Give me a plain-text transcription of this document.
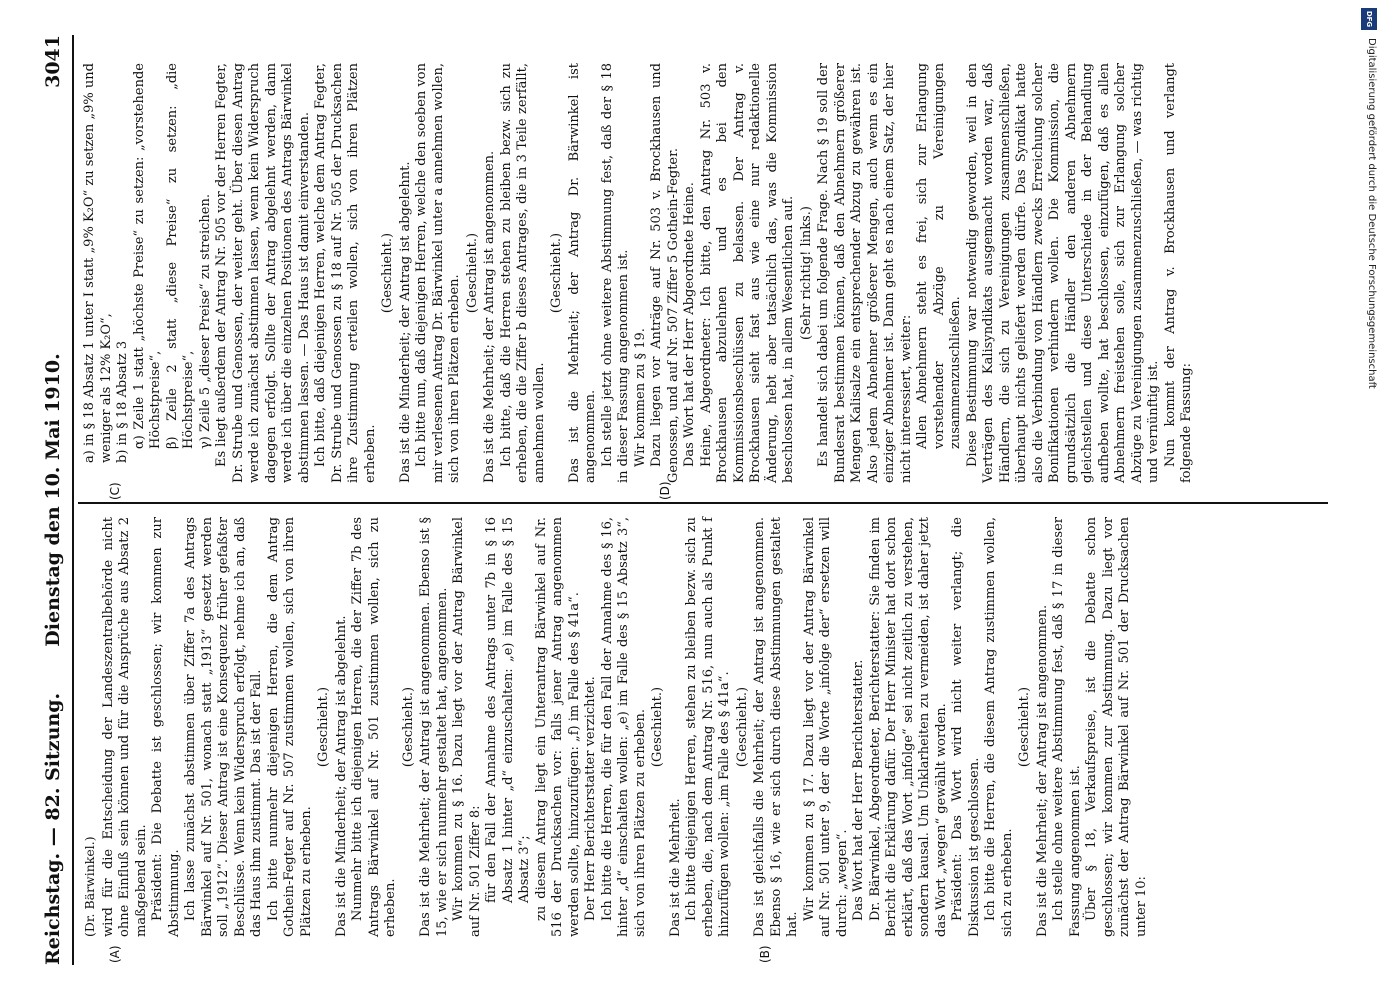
Reichstag. — 82. Sitzung.
Dienstag den 10. Mai 1910.
3041
(A)	(B)
(C)	(D)
(Dr. Bärwinkel.) wird für die Entscheidung der Landeszentralbehörde nicht ohne Einfluß sein können und für die Ansprüche aus Absatz 2 maßgebend sein. Präsident: Die Debatte ist geschlossen; wir kommen zur Abstimmung. Ich lasse zunächst abstimmen über Ziffer 7a des Antrags Bärwinkel auf Nr. 501, wonach statt „1913“ gesetzt werden soll „1912“. Dieser Antrag ist eine Konsequenz früher gefaßter Beschlüsse. Wenn kein Widerspruch erfolgt, nehme ich an, daß das Haus ihm zustimmt. Das ist der Fall. Ich bitte nunmehr diejenigen Herren, die dem Antrag Gothein-Fegter auf Nr. 507 zustimmen wollen, sich von ihren Plätzen zu erheben.

(Geschieht.) Das ist die Minderheit; der Antrag ist abgelehnt. Nunmehr bitte ich diejenigen Herren, die der Ziffer 7b des Antrags Bärwinkel auf Nr. 501 zustimmen wollen, sich zu erheben.

(Geschieht.) Das ist die Mehrheit; der Antrag ist angenommen. Ebenso ist § 15, wie er sich nunmehr gestaltet hat, angenommen. Wir kommen zu § 16. Dazu liegt vor der Antrag Bärwinkel auf Nr. 501 Ziffer 8: für den Fall der Annahme des Antrags unter 7b in § 16 Absatz 1 hinter „d“ einzuschalten: „e) im Falle des § 15 Absatz 3“; zu diesem Antrag liegt ein Unterantrag Bärwinkel auf Nr. 516 der Drucksachen vor: falls jener Antrag angenommen werden sollte, hinzuzufügen: „f) im Falle des § 41a“. Der Herr Berichterstatter verzichtet. Ich bitte die Herren, die für den Fall der Annahme des § 16, hinter „d“ einschalten wollen: „e) im Falle des § 15 Absatz 3“, sich von ihren Plätzen zu erheben. (Geschieht.)

Das ist die Mehrheit. Ich bitte diejenigen Herren, stehen zu bleiben bezw. sich zu erheben, die, nach dem Antrag Nr. 516, nun auch als Punkt f hinzufügen wollen: „im Falle des § 41a“. (Geschieht.) Das ist gleichfalls die Mehrheit; der Antrag ist angenommen. Ebenso § 16, wie er sich durch diese Abstimmungen gestaltet hat.

Wir kommen zu § 17. Dazu liegt vor der Antrag Bärwinkel auf Nr. 501 unter 9, der die Worte „infolge der“ ersetzen will durch: „wegen“. Das Wort hat der Herr Berichterstatter. Dr. Bärwinkel, Abgeordneter, Berichterstatter: Sie finden im Bericht die Erklärung dafür. Der Herr Minister hat dort schon erklärt, daß das Wort „infolge“ sei nicht zeitlich zu verstehen, sondern kausal. Um Unklarheiten zu vermeiden, ist daher jetzt das Wort „wegen“ gewählt worden. Präsident: Das Wort wird nicht weiter verlangt; die Diskussion ist geschlossen. Ich bitte die Herren, die diesem Antrag zustimmen wollen, sich zu erheben.

(Geschieht.) Das ist die Mehrheit; der Antrag ist angenommen. Ich stelle ohne weitere Abstimmung fest, daß § 17 in dieser Fassung angenommen ist. Über § 18, Verkaufspreise, ist die Debatte schon geschlossen; wir kommen zur Abstimmung. Dazu liegt vor zunächst der Antrag Bärwinkel auf Nr. 501 der Drucksachen unter 10:

a) in § 18 Absatz 1 unter I statt „9% K₂O“ zu setzen „9% und weniger als 12% K₂O“, b) in § 18 Absatz 3 α) Zeile 1 statt „höchste Preise“ zu setzen: „vorstehende Höchstpreise“, β) Zeile 2 statt „diese Preise“ zu setzen: „die Höchstpreise“, γ) Zeile 5 „dieser Preise“ zu streichen. Es liegt außerdem der Antrag Nr. 505 vor der Herren Fegter, Dr. Strube und Genossen, der weiter geht. Über diesen Antrag werde ich zunächst abstimmen lassen, wenn kein Widerspruch dagegen erfolgt. Sollte der Antrag abgelehnt werden, dann werde ich über die einzelnen Positionen des Antrags Bärwinkel abstimmen lassen. — Das Haus ist damit einverstanden. Ich bitte, daß diejenigen Herren, welche dem Antrag Fegter, Dr. Strube und Genossen zu § 18 auf Nr. 505 der Drucksachen ihre Zustimmung erteilen wollen, sich von ihren Plätzen erheben.

(Geschieht.) Das ist die Minderheit; der Antrag ist abgelehnt. Ich bitte nun, daß diejenigen Herren, welche den soeben von mir verlesenen Antrag Dr. Bärwinkel unter a annehmen wollen, sich von ihren Plätzen erheben.

(Geschieht.) Das ist die Mehrheit; der Antrag ist angenommen. Ich bitte, daß die Herren stehen zu bleiben bezw. sich zu erheben, die die Ziffer b dieses Antrages, die in 3 Teile zerfällt, annehmen wollen.

(Geschieht.) Das ist die Mehrheit; der Antrag Dr. Bärwinkel ist angenommen. Ich stelle jetzt ohne weitere Abstimmung fest, daß der § 18 in dieser Fassung angenommen ist. Wir kommen zu § 19. Dazu liegen vor Anträge auf Nr. 503 v. Brockhausen und Genossen, und auf Nr. 507 Ziffer 5 Gothein-Fegter. Das Wort hat der Herr Abgeordnete Heine. Heine, Abgeordneter: Ich bitte, den Antrag Nr. 503 v. Brockhausen abzulehnen und es bei den Kommissionsbeschlüssen zu belassen. Der Antrag v. Brockhausen sieht fast aus wie eine nur redaktionelle Änderung, hebt aber tatsächlich das, was die Kommission beschlossen hat, in allem Wesentlichen auf. (Sehr richtig! links.) Es handelt sich dabei um folgende Frage. Nach § 19 soll der Bundesrat bestimmen können, daß den Abnehmern größerer Mengen Kalisalze ein entsprechender Abzug zu gewähren ist. Also jedem Abnehmer größerer Mengen, auch wenn es ein einziger Abnehmer ist. Dann geht es nach einem Satz, der hier nicht interessiert, weiter: Allen Abnehmern steht es frei, sich zur Erlangung vorstehender Abzüge zu Vereinigungen zusammenzuschließen. Diese Bestimmung war notwendig geworden, weil in den Verträgen des Kalisyndikats ausgemacht worden war, daß Händlern, die sich zu Vereinigungen zusammenschließen, überhaupt nichts geliefert werden dürfe. Das Syndikat hatte also die Verbindung von Händlern zwecks Erreichung solcher Bonifikationen verhindern wollen. Die Kommission, die grundsätzlich die Händler den anderen Abnehmern gleichstellen und diese Unterschiede in der Behandlung aufheben wollte, hat beschlossen, einzufügen, daß es allen Abnehmern freistehen solle, sich zur Erlangung solcher Abzüge zu Vereinigungen zusammenzuschließen, — was richtig und vernünftig ist. Nun kommt der Antrag v. Brockhausen und verlangt folgende Fassung:

DFG
Digitalisierung gefördert durch die Deutsche Forschungsgemeinschaft
